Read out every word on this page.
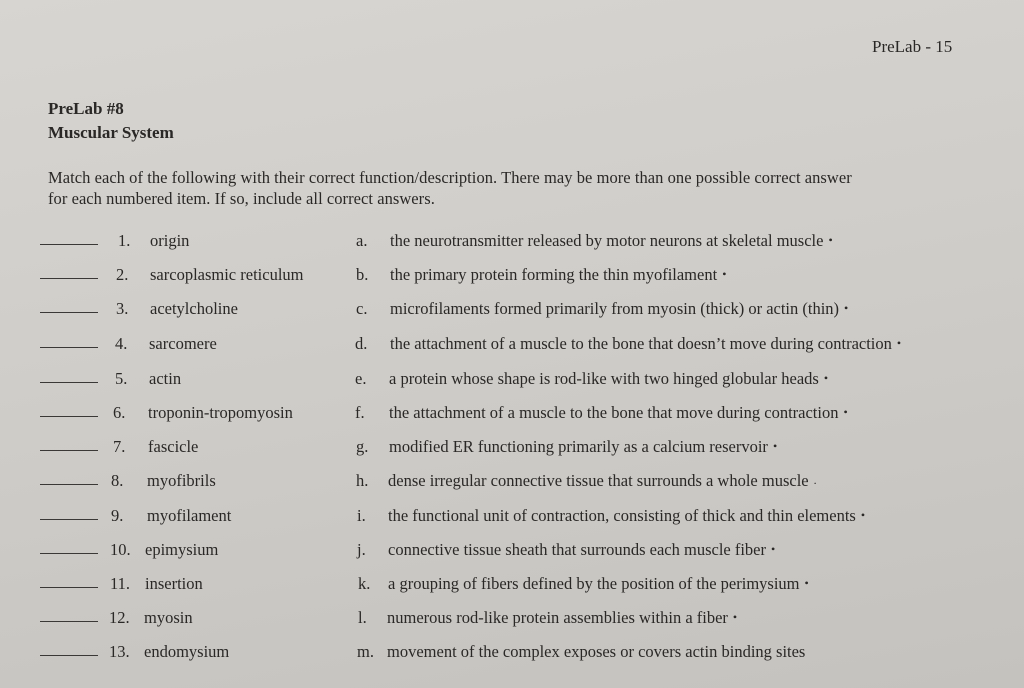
PreLab - 15
PreLab #8
Muscular System
Match each of the following with their correct function/description. There may be more than one possible correct answer
for each numbered item. If so, include all correct answers.
1. origin	a. the neurotransmitter released by motor neurons at skeletal muscle •
2. sarcoplasmic reticulum	b. the primary protein forming the thin myofilament •
3. acetylcholine	c. microfilaments formed primarily from myosin (thick) or actin (thin) •
4. sarcomere	d. the attachment of a muscle to the bone that doesn’t move during contraction •
5. actin	e. a protein whose shape is rod-like with two hinged globular heads •
6. troponin-tropomyosin	f. the attachment of a muscle to the bone that move during contraction •
7. fascicle	g. modified ER functioning primarily as a calcium reservoir •
8. myofibrils	h. dense irregular connective tissue that surrounds a whole muscle .
9. myofilament	i. the functional unit of contraction, consisting of thick and thin elements •
10. epimysium	j. connective tissue sheath that surrounds each muscle fiber •
11. insertion	k. a grouping of fibers defined by the position of the perimysium •
12. myosin	l. numerous rod-like protein assemblies within a fiber •
13. endomysium	m. movement of the complex exposes or covers actin binding sites
